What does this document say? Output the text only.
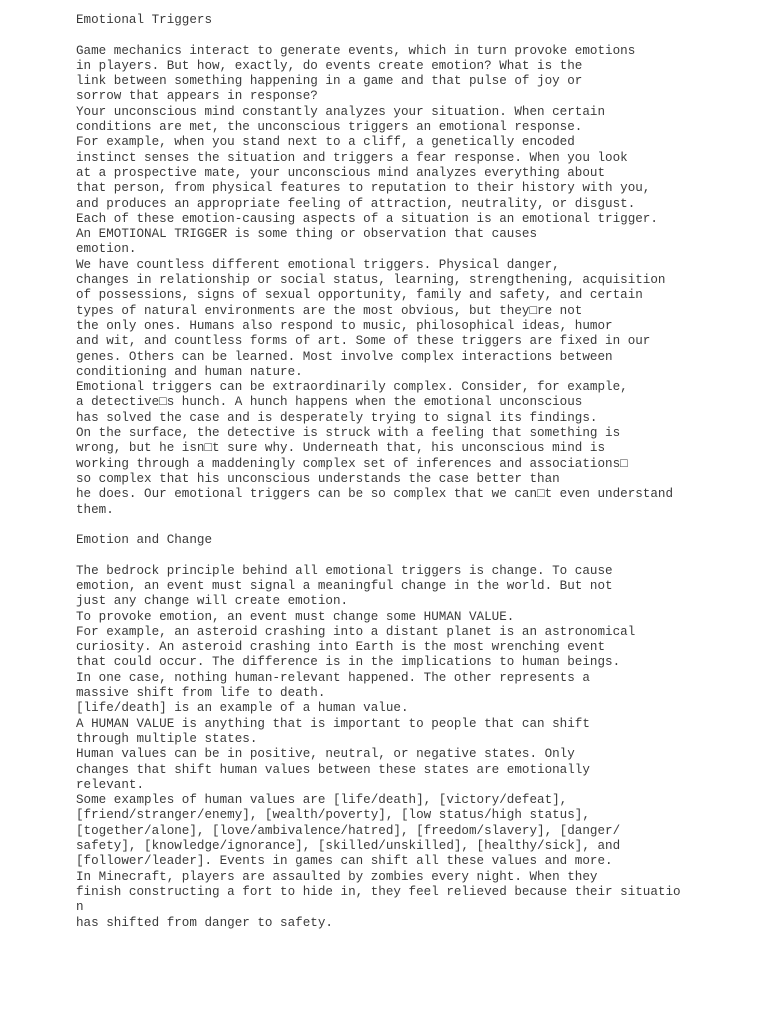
Emotional Triggers
Game mechanics interact to generate events, which in turn provoke emotions
in players. But how, exactly, do events create emotion? What is the
link between something happening in a game and that pulse of joy or
sorrow that appears in response?
Your unconscious mind constantly analyzes your situation. When certain
conditions are met, the unconscious triggers an emotional response.
For example, when you stand next to a cliff, a genetically encoded
instinct senses the situation and triggers a fear response. When you look
at a prospective mate, your unconscious mind analyzes everything about
that person, from physical features to reputation to their history with you,
and produces an appropriate feeling of attraction, neutrality, or disgust.
Each of these emotion-causing aspects of a situation is an emotional trigger.
An EMOTIONAL TRIGGER is some thing or observation that causes
emotion.
We have countless different emotional triggers. Physical danger,
changes in relationship or social status, learning, strengthening, acquisition
of possessions, signs of sexual opportunity, family and safety, and certain
types of natural environments are the most obvious, but they□re not
the only ones. Humans also respond to music, philosophical ideas, humor
and wit, and countless forms of art. Some of these triggers are fixed in our
genes. Others can be learned. Most involve complex interactions between
conditioning and human nature.
Emotional triggers can be extraordinarily complex. Consider, for example,
a detective□s hunch. A hunch happens when the emotional unconscious
has solved the case and is desperately trying to signal its findings.
On the surface, the detective is struck with a feeling that something is
wrong, but he isn□t sure why. Underneath that, his unconscious mind is
working through a maddeningly complex set of inferences and associations□
so complex that his unconscious understands the case better than
he does. Our emotional triggers can be so complex that we can□t even understand
them.
Emotion and Change
The bedrock principle behind all emotional triggers is change. To cause
emotion, an event must signal a meaningful change in the world. But not
just any change will create emotion.
To provoke emotion, an event must change some HUMAN VALUE.
For example, an asteroid crashing into a distant planet is an astronomical
curiosity. An asteroid crashing into Earth is the most wrenching event
that could occur. The difference is in the implications to human beings.
In one case, nothing human-relevant happened. The other represents a
massive shift from life to death.
[life/death] is an example of a human value.
A HUMAN VALUE is anything that is important to people that can shift
through multiple states.
Human values can be in positive, neutral, or negative states. Only
changes that shift human values between these states are emotionally
relevant.
Some examples of human values are [life/death], [victory/defeat],
[friend/stranger/enemy], [wealth/poverty], [low status/high status],
[together/alone], [love/ambivalence/hatred], [freedom/slavery], [danger/
safety], [knowledge/ignorance], [skilled/unskilled], [healthy/sick], and
[follower/leader]. Events in games can shift all these values and more.
In Minecraft, players are assaulted by zombies every night. When they
finish constructing a fort to hide in, they feel relieved because their situatio
n
has shifted from danger to safety.
